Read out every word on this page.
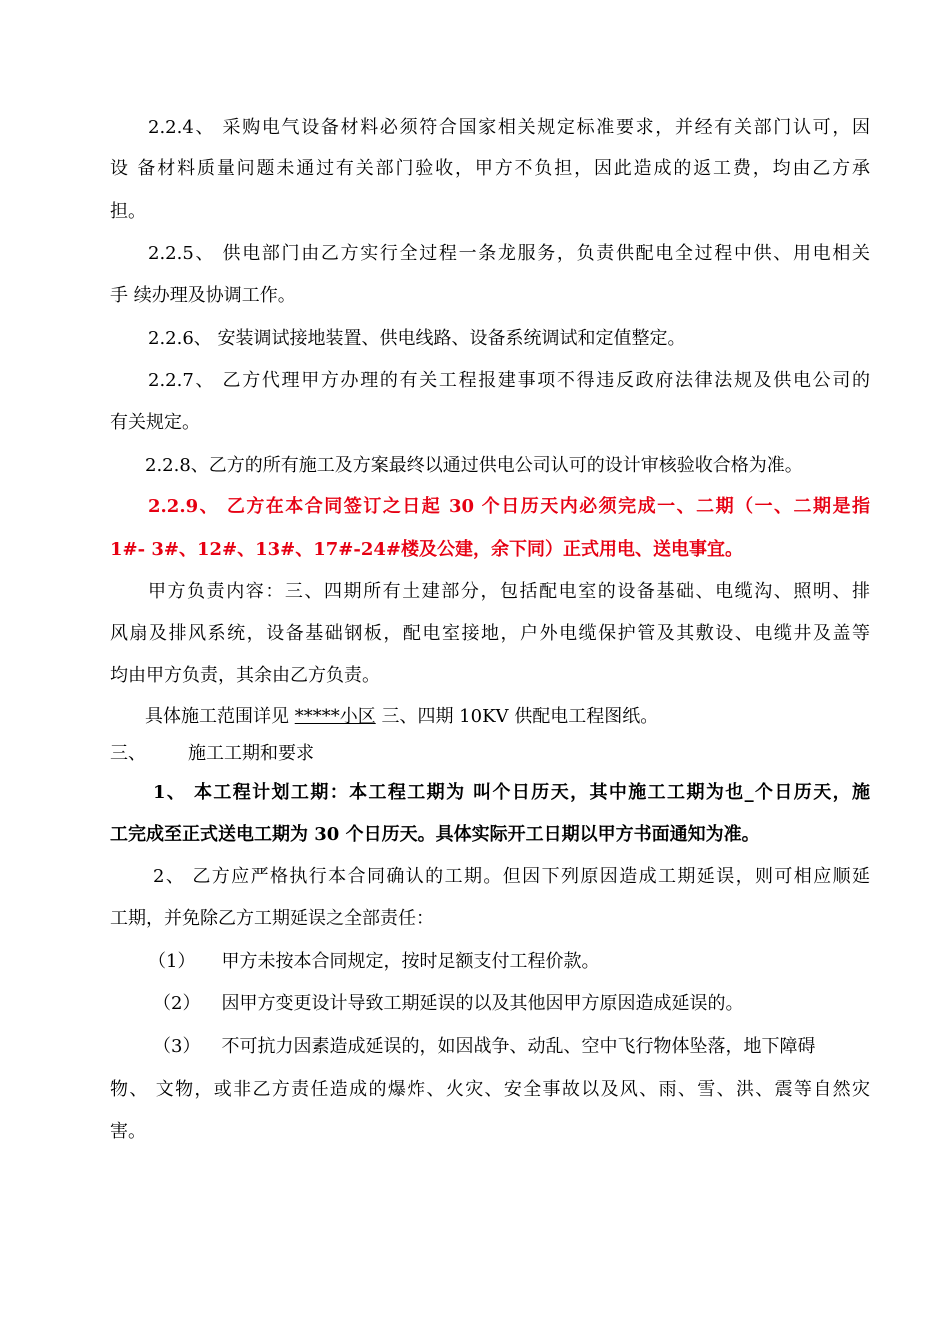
2.2.4、 采购电气设备材料必须符合国家相关规定标准要求，并经有关部门认可，因
设 备材料质量问题未通过有关部门验收，甲方不负担，因此造成的返工费，均由乙方承
担。
2.2.5、 供电部门由乙方实行全过程一条龙服务，负责供配电全过程中供、用电相关
手 续办理及协调工作。
2.2.6、 安装调试接地装置、供电线路、设备系统调试和定值整定。
2.2.7、 乙方代理甲方办理的有关工程报建事项不得违反政府法律法规及供电公司的
有关规定。
2.2.8、乙方的所有施工及方案最终以通过供电公司认可的设计审核验收合格为准。
2.2.9、 乙方在本合同签订之日起 30 个日历天内必须完成一、二期（一、二期是指
1#- 3#、12#、13#、17#-24#楼及公建，余下同）正式用电、送电事宜。
甲方负责内容：三、四期所有土建部分，包括配电室的设备基础、电缆沟、照明、排
风扇及排风系统，设备基础钢板，配电室接地，户外电缆保护管及其敷设、电缆井及盖等
均由甲方负责，其余由乙方负责。
具体施工范围详见 *****小区 三、四期 10KV 供配电工程图纸。
三、 施工工期和要求
1、 本工程计划工期：本工程工期为 叫个日历天，其中施工工期为也_个日历天，施
工完成至正式送电工期为 30 个日历天。具体实际开工日期以甲方书面通知为准。
2、 乙方应严格执行本合同确认的工期。但因下列原因造成工期延误，则可相应顺延
工期，并免除乙方工期延误之全部责任：
（1） 甲方未按本合同规定，按时足额支付工程价款。
（2） 因甲方变更设计导致工期延误的以及其他因甲方原因造成延误的。
（3） 不可抗力因素造成延误的，如因战争、动乱、空中飞行物体坠落，地下障碍
物、 文物，或非乙方责任造成的爆炸、火灾、安全事故以及风、雨、雪、洪、震等自然灾
害。
